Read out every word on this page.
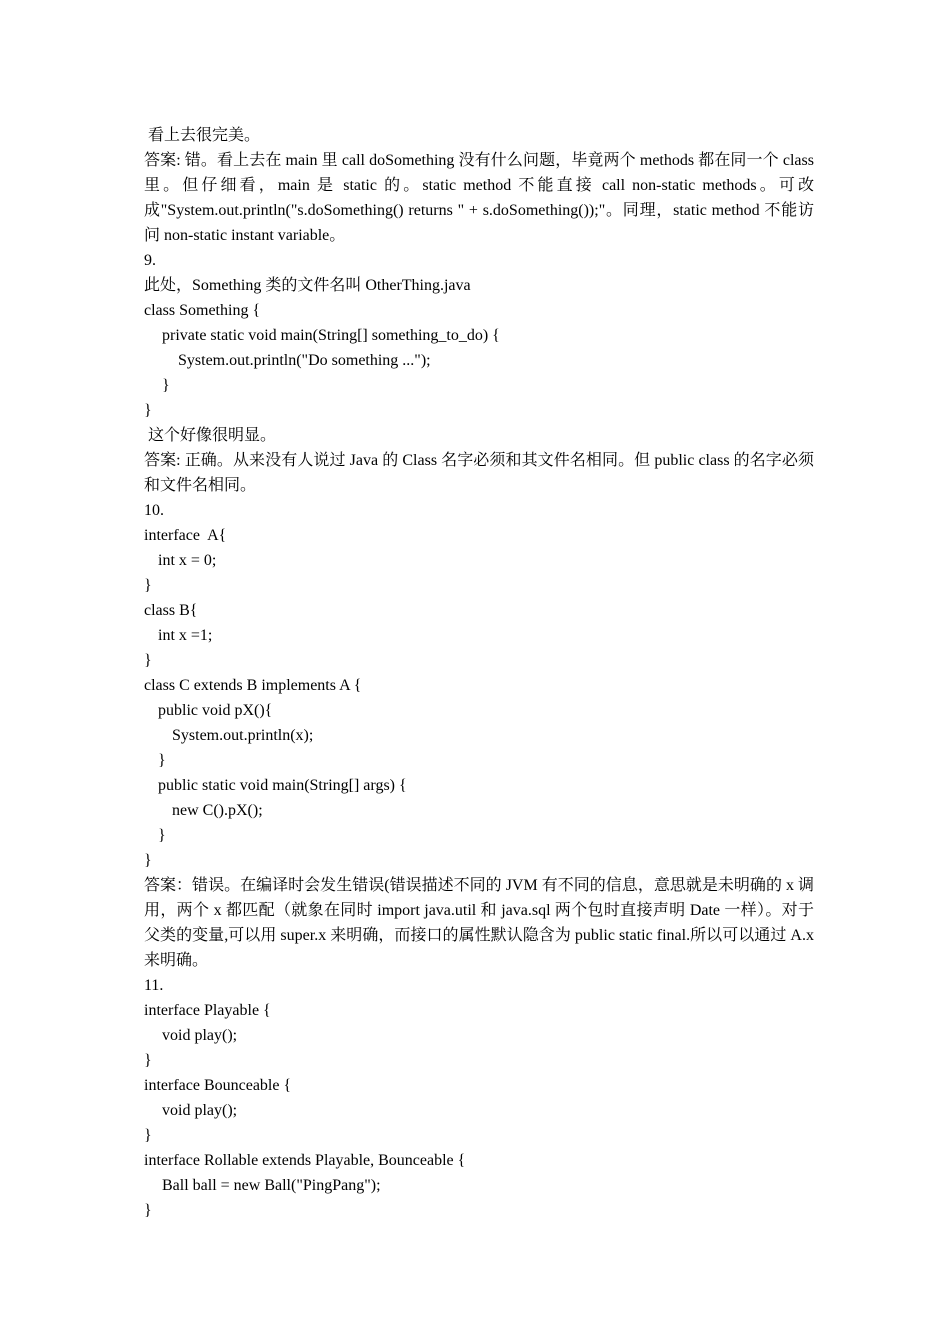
看上去很完美。
答案: 错。看上去在 main 里 call doSomething 没有什么问题，毕竟两个 methods 都在同一个 class 里。但仔细看，main 是 static 的。static method 不能直接 call non-static methods。可改成"System.out.println("s.doSomething() returns " + s.doSomething());"。同理，static method 不能访问 non-static instant variable。
9.
此处，Something 类的文件名叫 OtherThing.java
class Something {
private static void main(String[] something_to_do) {
System.out.println("Do something ...");
}
}
这个好像很明显。
答案: 正确。从来没有人说过 Java 的 Class 名字必须和其文件名相同。但 public class 的名字必须和文件名相同。
10.
interface  A{
int x = 0;
}
class B{
int x =1;
}
class C extends B implements A {
public void pX(){
System.out.println(x);
}
public static void main(String[] args) {
new C().pX();
}
}
答案：错误。在编译时会发生错误(错误描述不同的 JVM 有不同的信息，意思就是未明确的 x 调用，两个 x 都匹配（就象在同时 import java.util 和 java.sql 两个包时直接声明 Date 一样）。对于父类的变量,可以用 super.x 来明确，而接口的属性默认隐含为 public static final.所以可以通过 A.x 来明确。
11.
interface Playable {
void play();
}
interface Bounceable {
void play();
}
interface Rollable extends Playable, Bounceable {
Ball ball = new Ball("PingPang");
}
